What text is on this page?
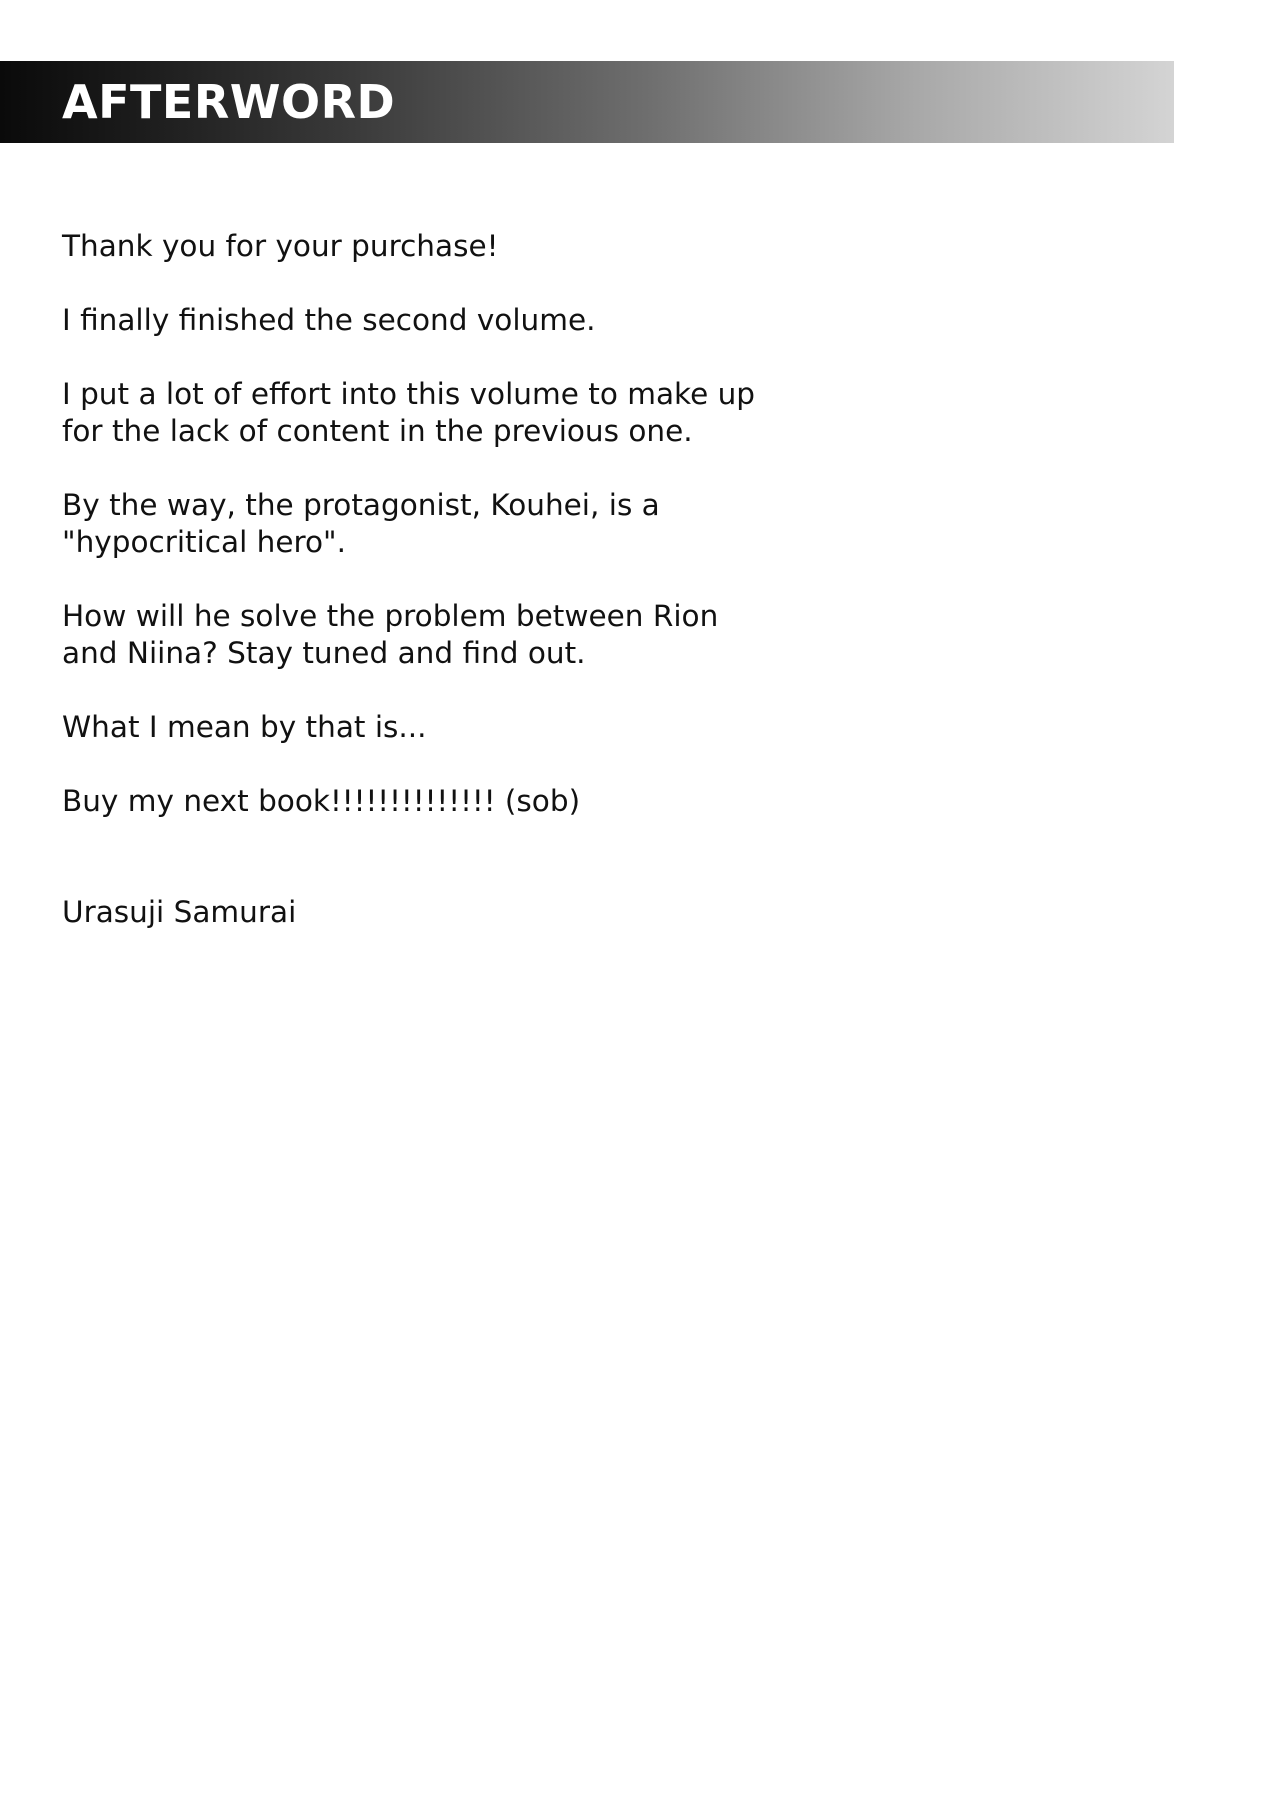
AFTERWORD

Thank you for your purchase!

I finally finished the second volume.

I put a lot of effort into this volume to make up
for the lack of content in the previous one.

By the way, the protagonist, Kouhei, is a
"hypocritical hero".

How will he solve the problem between Rion
and Niina? Stay tuned and find out.

What I mean by that is...

Buy my next book!!!!!!!!!!!!!! (sob)

Urasuji Samurai
